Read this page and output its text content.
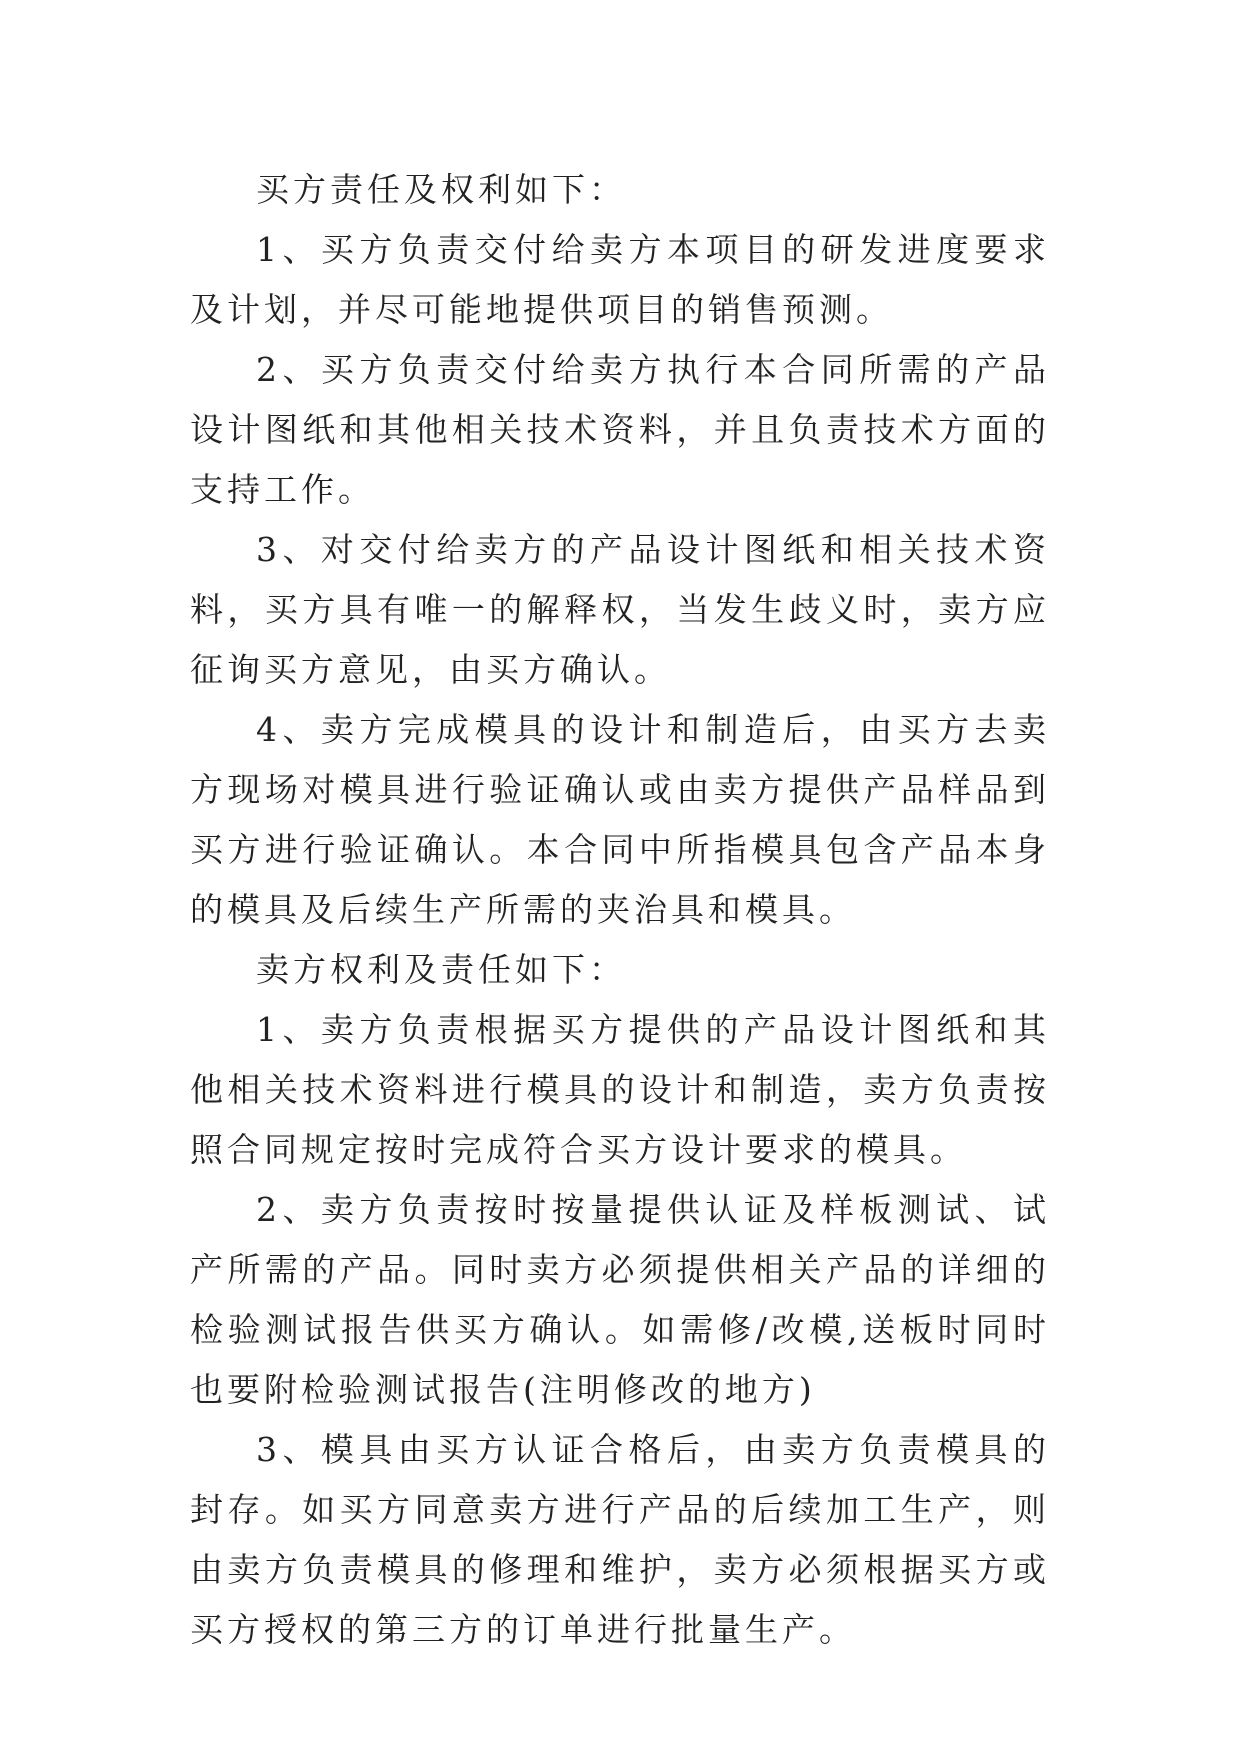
买方责任及权利如下：

1、买方负责交付给卖方本项目的研发进度要求及计划，并尽可能地提供项目的销售预测。

2、买方负责交付给卖方执行本合同所需的产品设计图纸和其他相关技术资料，并且负责技术方面的支持工作。

3、对交付给卖方的产品设计图纸和相关技术资料，买方具有唯一的解释权，当发生歧义时，卖方应征询买方意见，由买方确认。

4、卖方完成模具的设计和制造后，由买方去卖方现场对模具进行验证确认或由卖方提供产品样品到买方进行验证确认。本合同中所指模具包含产品本身的模具及后续生产所需的夹治具和模具。

卖方权利及责任如下：

1、卖方负责根据买方提供的产品设计图纸和其他相关技术资料进行模具的设计和制造，卖方负责按照合同规定按时完成符合买方设计要求的模具。

2、卖方负责按时按量提供认证及样板测试、试产所需的产品。同时卖方必须提供相关产品的详细的检验测试报告供买方确认。如需修/改模,送板时同时也要附检验测试报告(注明修改的地方)

3、模具由买方认证合格后，由卖方负责模具的封存。如买方同意卖方进行产品的后续加工生产，则由卖方负责模具的修理和维护，卖方必须根据买方或买方授权的第三方的订单进行批量生产。
